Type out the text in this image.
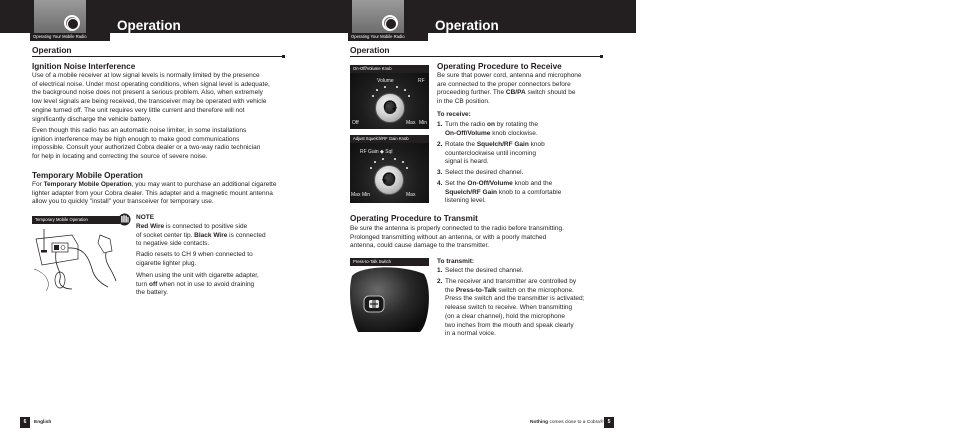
Operation
Operating Your Mobile Radio
Operation
Ignition Noise Interference
Use of a mobile receiver at low signal levels is normally limited by the presence
of electrical noise. Under most operating conditions, when signal level is adequate,
the background noise does not present a serious problem. Also, when extremely
low level signals are being received, the transceiver may be operated with vehicle
engine turned off. The unit requires very little current and therefore will not
significantly discharge the vehicle battery.
Even though this radio has an automatic noise limiter, in some installations
ignition interference may be high enough to make good communications
impossible. Consult your authorized Cobra dealer or a two-way radio technician
for help in locating and correcting the source of severe noise.
Temporary Mobile Operation
For Temporary Mobile Operation, you may want to purchase an additional cigarette
lighter adapter from your Cobra dealer. This adapter and a magnetic mount antenna
allow you to quickly "install" your transceiver for temporary use.
Temporary Mobile Operation	NOTE
Red Wire is connected to positive side
of socket center tip. Black Wire is connected
to negative side contacts.
Radio resets to CH 9 when connected to
cigarette lighter plug.
When using the unit with cigarette adapter,
turn off when not in use to avoid draining
the battery.
6	English
Operation
Operating Your Mobile Radio
Operation
On-Off/Volume Knob
Volume	RF
Off	Max Min
Adjust Squelch/RF Gain Knob
RF Gain ◆ Sql
Max Min	Max
Operating Procedure to Receive
Be sure that power cord, antenna and microphone
are connected to the proper connectors before
proceeding further. The CB/PA switch should be
in the CB position.
To receive:
1. Turn the radio on by rotating the
On-Off/Volume knob clockwise.
2. Rotate the Squelch/RF Gain knob
counterclockwise until incoming
signal is heard.
3. Select the desired channel.
4. Set the On-Off/Volume knob and the
Squelch/RF Gain knob to a comfortable
listening level.
Operating Procedure to Transmit
Be sure the antenna is properly connected to the radio before transmitting.
Prolonged transmitting without an antenna, or with a poorly matched
antenna, could cause damage to the transmitter.
Press-to-Talk Switch	To transmit:
1. Select the desired channel.
2. The receiver and transmitter are controlled by
the Press-to-Talk switch on the microphone.
Press the switch and the transmitter is activated;
release switch to receive. When transmitting
(on a clear channel), hold the microphone
two inches from the mouth and speak clearly
in a normal voice.
Nothing comes close to a Cobra® 5
